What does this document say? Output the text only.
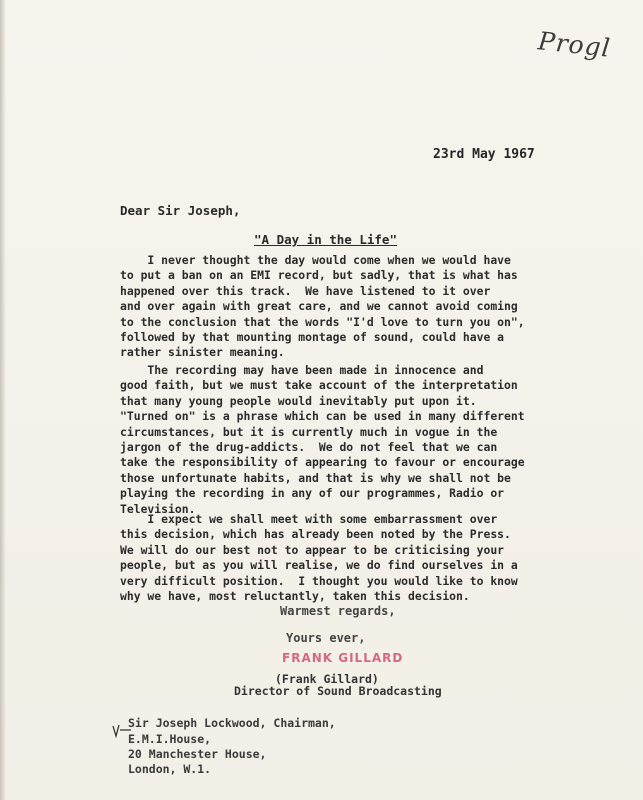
Progl
23rd May 1967
Dear Sir Joseph,
"A Day in the Life"
I never thought the day would come when we would have
to put a ban on an EMI record, but sadly, that is what has
happened over this track.  We have listened to it over
and over again with great care, and we cannot avoid coming
to the conclusion that the words "I'd love to turn you on",
followed by that mounting montage of sound, could have a
rather sinister meaning.
The recording may have been made in innocence and
good faith, but we must take account of the interpretation
that many young people would inevitably put upon it.
"Turned on" is a phrase which can be used in many different
circumstances, but it is currently much in vogue in the
jargon of the drug-addicts.  We do not feel that we can
take the responsibility of appearing to favour or encourage
those unfortunate habits, and that is why we shall not be
playing the recording in any of our programmes, Radio or
Television.
I expect we shall meet with some embarrassment over
this decision, which has already been noted by the Press.
We will do our best not to appear to be criticising your
people, but as you will realise, we do find ourselves in a
very difficult position.  I thought you would like to know
why we have, most reluctantly, taken this decision.
Warmest regards,
Yours ever,
FRANK GILLARD
(Frank Gillard)
Director of Sound Broadcasting
Sir Joseph Lockwood, Chairman,
E.M.I.House,
20 Manchester House,
London, W.1.
